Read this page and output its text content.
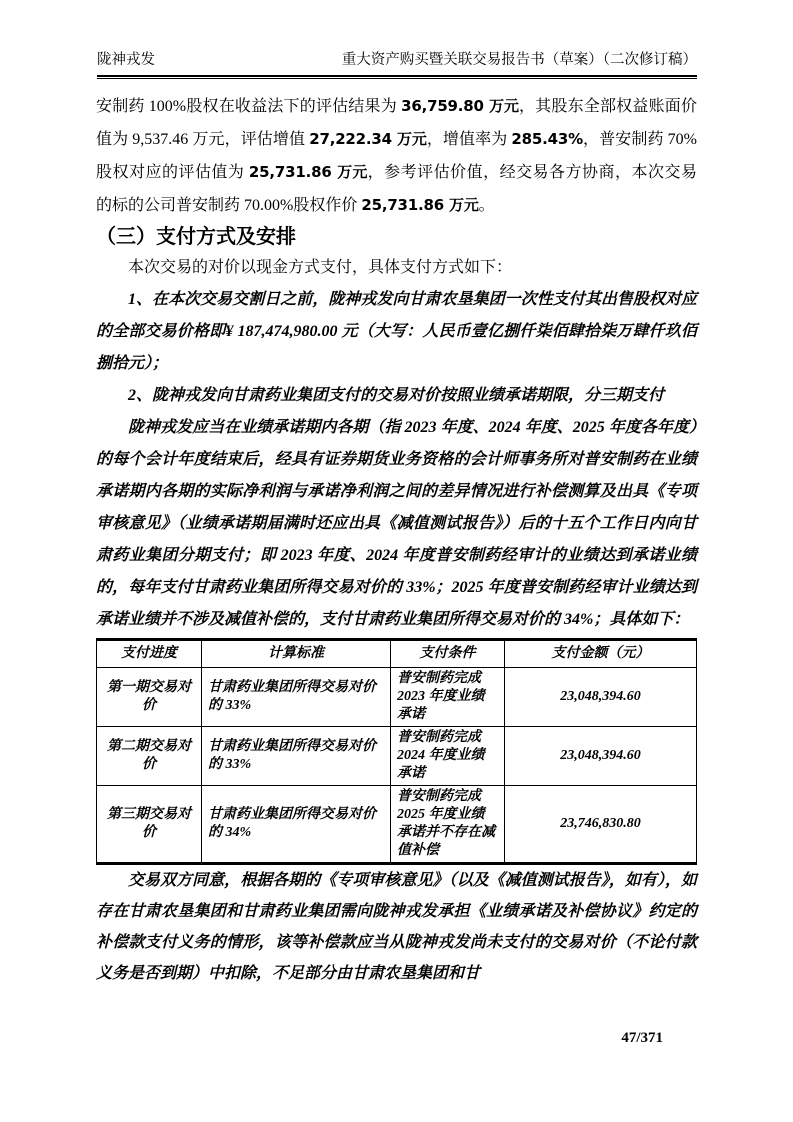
陇神戎发	重大资产购买暨关联交易报告书（草案）（二次修订稿）

安制药 100%股权在收益法下的评估结果为 36,759.80 万元，其股东全部权益账面价值为 9,537.46 万元，评估增值 27,222.34 万元，增值率为 285.43%，普安制药 70%股权对应的评估值为 25,731.86 万元，参考评估价值，经交易各方协商，本次交易的标的公司普安制药 70.00%股权作价 25,731.86 万元。

（三）支付方式及安排

本次交易的对价以现金方式支付，具体支付方式如下：

1、在本次交易交割日之前，陇神戎发向甘肃农垦集团一次性支付其出售股权对应的全部交易价格即¥ 187,474,980.00 元（大写：人民币壹亿捌仟柒佰肆拾柒万肆仟玖佰捌拾元）；

2、陇神戎发向甘肃药业集团支付的交易对价按照业绩承诺期限，分三期支付

陇神戎发应当在业绩承诺期内各期（指 2023 年度、2024 年度、2025 年度各年度）的每个会计年度结束后，经具有证券期货业务资格的会计师事务所对普安制药在业绩承诺期内各期的实际净利润与承诺净利润之间的差异情况进行补偿测算及出具《专项审核意见》（业绩承诺期届满时还应出具《减值测试报告》）后的十五个工作日内向甘肃药业集团分期支付；即 2023 年度、2024 年度普安制药经审计的业绩达到承诺业绩的，每年支付甘肃药业集团所得交易对价的 33%；2025 年度普安制药经审计业绩达到承诺业绩并不涉及减值补偿的，支付甘肃药业集团所得交易对价的 34%；具体如下：

支付进度	计算标准	支付条件	支付金额（元）
第一期交易对价	甘肃药业集团所得交易对价的 33%	普安制药完成 2023 年度业绩承诺	23,048,394.60
第二期交易对价	甘肃药业集团所得交易对价的 33%	普安制药完成 2024 年度业绩承诺	23,048,394.60
第三期交易对价	甘肃药业集团所得交易对价的 34%	普安制药完成 2025 年度业绩承诺并不存在减值补偿	23,746,830.80

交易双方同意，根据各期的《专项审核意见》（以及《减值测试报告》，如有），如存在甘肃农垦集团和甘肃药业集团需向陇神戎发承担《业绩承诺及补偿协议》约定的补偿款支付义务的情形，该等补偿款应当从陇神戎发尚未支付的交易对价（不论付款义务是否到期）中扣除，不足部分由甘肃农垦集团和甘

47/371
